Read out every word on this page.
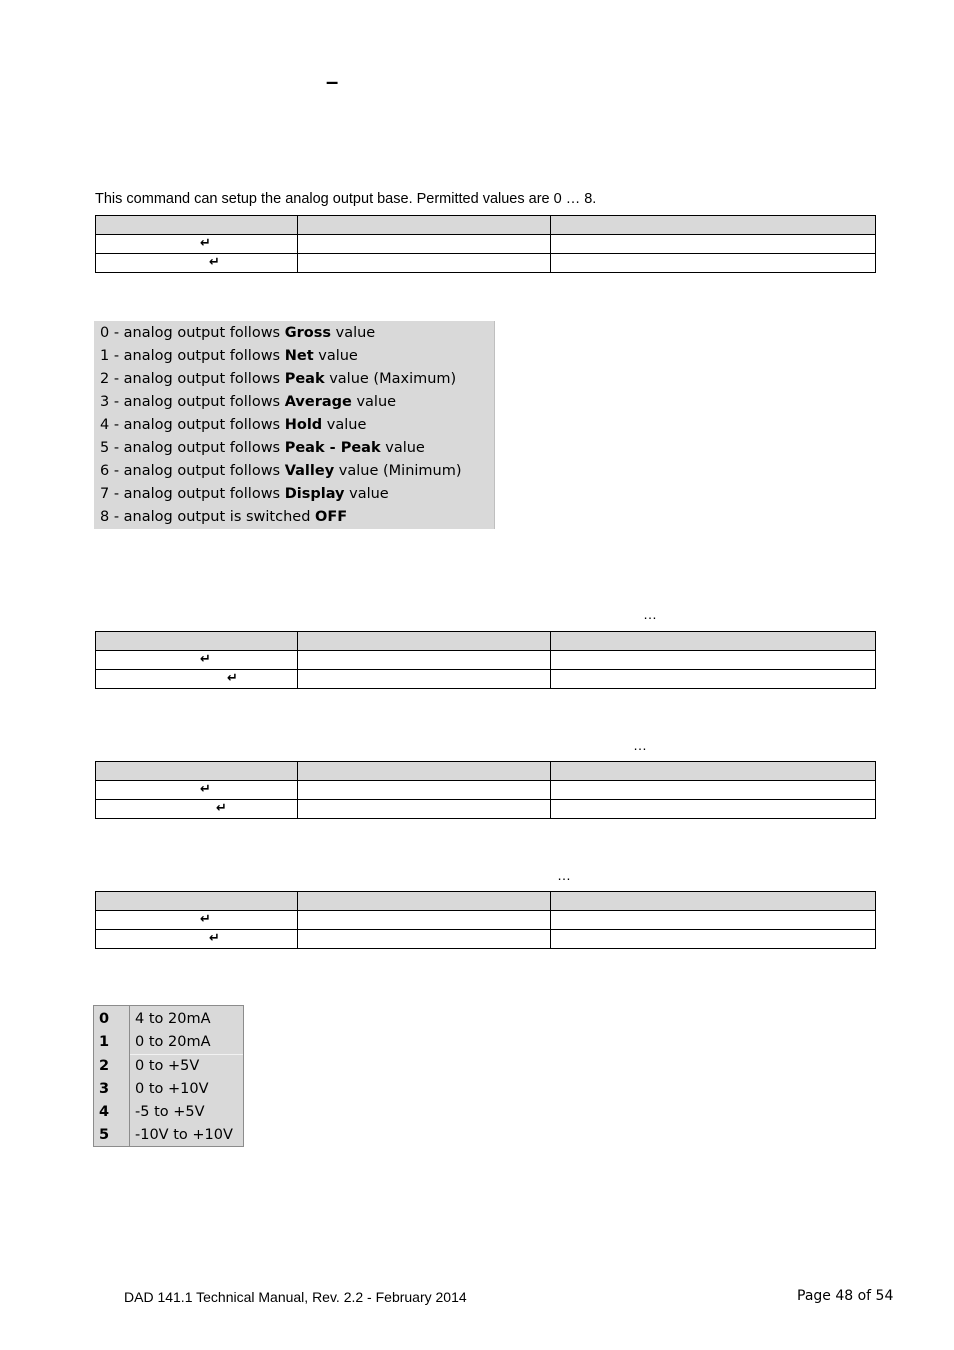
–
This command can setup the analog output base. Permitted values are 0 … 8.

↵		

↵		

0 - analog output follows Gross value
1 - analog output follows Net value
2 - analog output follows Peak value (Maximum)
3 - analog output follows Average value
4 - analog output follows Hold value
5 - analog output follows Peak - Peak value
6 - analog output follows Valley value (Minimum)
7 - analog output follows Display value
8 - analog output is switched OFF
…

↵		

↵		

…

↵		

↵		

…

↵		

↵		

0 4 to 20mA
1 0 to 20mA
2 0 to +5V
3 0 to +10V
4 -5 to +5V
5 -10V to +10V
DAD 141.1 Technical Manual, Rev. 2.2 - February 2014	Page 48 of 54
